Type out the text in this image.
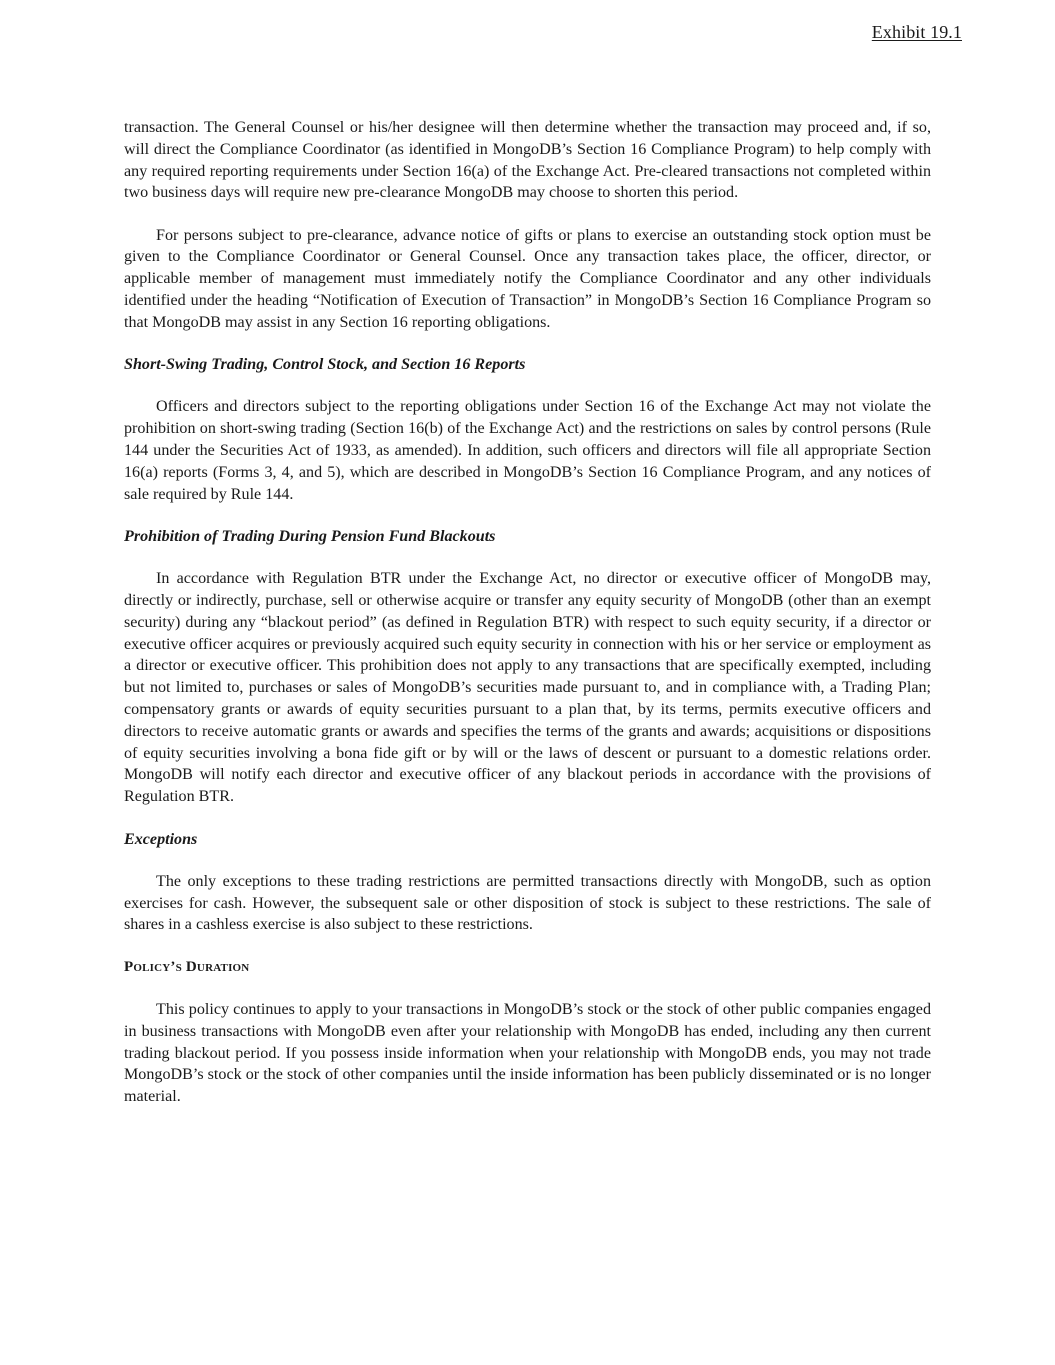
Exhibit 19.1

transaction. The General Counsel or his/her designee will then determine whether the transaction may proceed and, if so, will direct the Compliance Coordinator (as identified in MongoDB’s Section 16 Compliance Program) to help comply with any required reporting requirements under Section 16(a) of the Exchange Act. Pre-cleared transactions not completed within two business days will require new pre-clearance MongoDB may choose to shorten this period.

For persons subject to pre-clearance, advance notice of gifts or plans to exercise an outstanding stock option must be given to the Compliance Coordinator or General Counsel. Once any transaction takes place, the officer, director, or applicable member of management must immediately notify the Compliance Coordinator and any other individuals identified under the heading “Notification of Execution of Transaction” in MongoDB’s Section 16 Compliance Program so that MongoDB may assist in any Section 16 reporting obligations.

Short-Swing Trading, Control Stock, and Section 16 Reports

Officers and directors subject to the reporting obligations under Section 16 of the Exchange Act may not violate the prohibition on short-swing trading (Section 16(b) of the Exchange Act) and the restrictions on sales by control persons (Rule 144 under the Securities Act of 1933, as amended). In addition, such officers and directors will file all appropriate Section 16(a) reports (Forms 3, 4, and 5), which are described in MongoDB’s Section 16 Compliance Program, and any notices of sale required by Rule 144.

Prohibition of Trading During Pension Fund Blackouts

In accordance with Regulation BTR under the Exchange Act, no director or executive officer of MongoDB may, directly or indirectly, purchase, sell or otherwise acquire or transfer any equity security of MongoDB (other than an exempt security) during any “blackout period” (as defined in Regulation BTR) with respect to such equity security, if a director or executive officer acquires or previously acquired such equity security in connection with his or her service or employment as a director or executive officer. This prohibition does not apply to any transactions that are specifically exempted, including but not limited to, purchases or sales of MongoDB’s securities made pursuant to, and in compliance with, a Trading Plan; compensatory grants or awards of equity securities pursuant to a plan that, by its terms, permits executive officers and directors to receive automatic grants or awards and specifies the terms of the grants and awards; acquisitions or dispositions of equity securities involving a bona fide gift or by will or the laws of descent or pursuant to a domestic relations order. MongoDB will notify each director and executive officer of any blackout periods in accordance with the provisions of Regulation BTR.

Exceptions

The only exceptions to these trading restrictions are permitted transactions directly with MongoDB, such as option exercises for cash. However, the subsequent sale or other disposition of stock is subject to these restrictions. The sale of shares in a cashless exercise is also subject to these restrictions.

Policy’s Duration

This policy continues to apply to your transactions in MongoDB’s stock or the stock of other public companies engaged in business transactions with MongoDB even after your relationship with MongoDB has ended, including any then current trading blackout period. If you possess inside information when your relationship with MongoDB ends, you may not trade MongoDB’s stock or the stock of other companies until the inside information has been publicly disseminated or is no longer material.
